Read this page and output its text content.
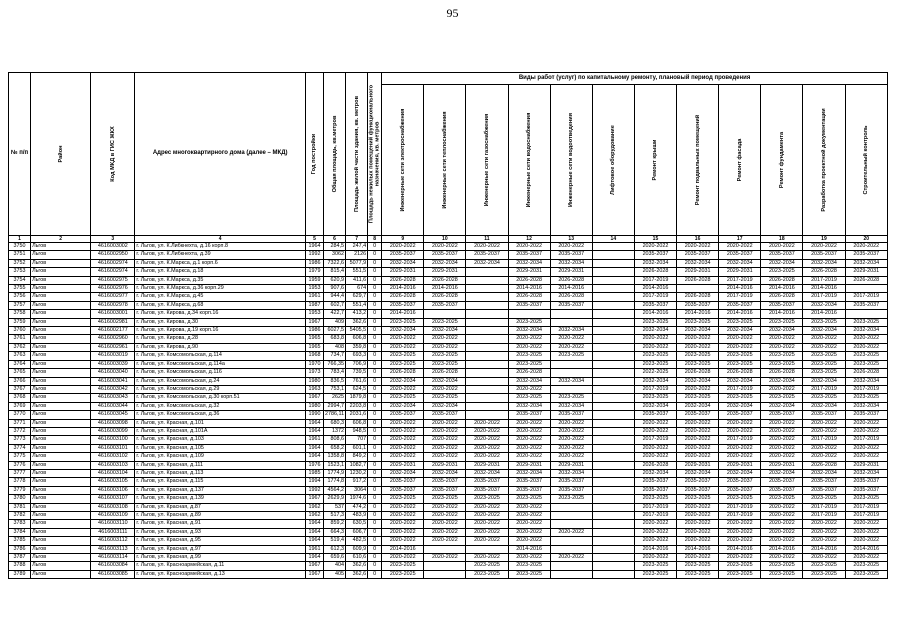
95
№ п/п	Район	Код МКД в ГИС ЖКХ	Адрес многоквартирного дома (далее – МКД)	Год постройки	Общая площадь, кв.метров	Площадь жилой части здания, кв. метров	Площадь нежилых помещений функционального назначения, кв. метров	Виды работ (услуг) по капитальному ремонту, плановый период проведения											

								Инженерные сети электроснабжения	Инженерные сети теплоснабжения	Инженерные сети газоснабжения	Инженерные сети водоснабжения	Инженерные сети водоотведения	Лифтовое оборудование	Ремонт крыши	Ремонт подвальных помещений	Ремонт фасада	Ремонт фундамента	Разработка проектной документации	Строительный контроль

1	2	3	4	5	6	7	8	9	10	11	12	13	14	15	16	17	18	19	20
3750	Льгов	4616003002	г. Льгов, ул. К.Либкнехта, д.16 корп.8	1964	284,5	247,4	0	2020-2022	2020-2022	2020-2022	2020-2022	2020-2022		2020-2022	2020-2022	2020-2022	2020-2022	2020-2022	2020-2022
3751	Льгов	4616002950	г. Льгов, ул. К.Либкнехта, д.39	1992	3062	2126	0	2035-2037	2035-2037	2035-2037	2035-2037	2035-2037		2035-2037	2035-2037	2035-2037	2035-2037	2035-2037	2035-2037
3752	Льгов	4616002974	г. Льгов, ул. К.Маркса, д.1 корп.6	1986	7322,6	5077,9	0	2032-2034	2032-2034	2032-2034	2032-2034	2032-2034		2032-2034	2032-2034	2032-2034	2032-2034	2032-2034	2032-2034
3753	Льгов	4616002974	г. Льгов, ул. К.Маркса, д.18	1979	815,4	551,5	0	2029-2031	2029-2031		2029-2031	2029-2031		2026-2028	2029-2031	2029-2031	2023-2025	2026-2028	2029-2031
3754	Льгов	4616002975	г. Льгов, ул. К.Маркса, д.35	1959	620,9	411,6	0	2026-2028	2026-2028		2026-2028	2026-2028		2017-2019	2026-2028	2017-2019	2026-2028	2017-2019	2026-2028
3755	Льгов	4616002976	г. Льгов, ул. К.Маркса, д.36 корп.29	1953	907,6	674	0	2014-2016	2014-2016		2014-2016	2014-2016		2014-2016		2014-2016	2014-2016	2014-2016	
3756	Льгов	4616002977	г. Льгов, ул. К.Маркса, д.45	1961	944,4	629,7	0	2026-2028	2026-2028		2026-2028	2026-2028		2017-2019	2026-2028	2017-2019	2026-2028	2017-2019	2017-2019
3757	Льгов	4616002978	г. Льгов, ул. К.Маркса, д.68	1987	602,7	551,4	0	2035-2037	2035-2037		2035-2037	2035-2037		2035-2037	2035-2037	2035-2037	2035-2037	2032-2034	2035-2037
3758	Льгов	4616003001	г. Льгов, ул. Кирова, д.34 корп.16	1953	422,7	413,2	0	2014-2016						2014-2016	2014-2016	2014-2016	2014-2016	2014-2016	
3759	Льгов	4616002981	г. Льгов, ул. Кирова, д.30	1967	409	362,6	0	2023-2025	2023-2025		2023-2025			2023-2025	2023-2025	2023-2025	2023-2025	2023-2025	2023-2025
3760	Льгов	4616002177	г. Льгов, ул. Кирова, д.19 корп.16	1986	6027,5	5405,5	0	2032-2034	2032-2034		2032-2034	2032-2034		2032-2034	2032-2034	2032-2034	2032-2034	2032-2034	2032-2034
3761	Льгов	4616002960	г. Льгов, ул. Кирова, д.28	1965	683,8	606,8	0	2020-2022	2020-2022		2020-2022	2020-2022		2020-2022	2020-2022	2020-2022	2020-2022	2020-2022	2020-2022
3762	Льгов	4616002961	г. Льгов, ул. Кирова, д.90	1965	408	359,8	0	2020-2022	2020-2022		2020-2022	2020-2022		2020-2022	2020-2022	2020-2022	2020-2022	2020-2022	2020-2022
3763	Льгов	4616003019	г. Льгов, ул. Комсомольская, д.114	1968	734,7	693,3	0	2023-2025	2023-2025		2023-2025	2023-2025		2023-2025	2023-2025	2023-2025	2023-2025	2023-2025	2023-2025
3764	Льгов	4616003039	г. Льгов, ул. Комсомольская, д.114а	1970	766,35	706,9	0	2023-2025	2023-2025		2023-2025			2023-2025	2023-2025	2023-2025	2023-2025	2023-2025	2023-2025
3765	Льгов	4616003040	г. Льгов, ул. Комсомольская, д.116	1973	783,4	739,5	0	2026-2028	2026-2028		2026-2028			2022-2025	2026-2028	2026-2028	2026-2028	2023-2025	2026-2028
3766	Льгов	4616003041	г. Льгов, ул. Комсомольская, д.24	1980	836,5	761,6	0	2032-2034	2032-2034		2032-2034	2032-2034		2032-2034	2032-2034	2032-2034	2032-2034	2032-2034	2032-2034
3767	Льгов	4616003042	г. Льгов, ул. Комсомольская, д.29	1963	753,1	624,5	0	2020-2022	2020-2022		2020-2022			2017-2019	2020-2022	2017-2019	2020-2022	2017-2019	2017-2019
3768	Льгов	4616003043	г. Льгов, ул. Комсомольская, д.30 корп.51	1967	2625	1879,8	0	2023-2025	2023-2025		2023-2025	2023-2025		2023-2025	2023-2025	2023-2025	2023-2025	2023-2025	2023-2025
3769	Льгов	4616003044	г. Льгов, ул. Комсомольская, д.32	1980	2994,7	2203,8	0	2032-2034	2032-2034		2032-2034	2032-2034		2032-2034	2032-2034	2032-2034	2032-2034	2032-2034	2032-2034
3770	Льгов	4616003045	г. Льгов, ул. Комсомольская, д.36	1990	2786,11	2031,6	0	2035-2037	2035-2037		2035-2037	2035-2037		2035-2037	2035-2037	2035-2037	2035-2037	2035-2037	2035-2037
3771	Льгов	4616003098	г. Льгов, ул. Красная, д.101	1964	680,3	606,8	0	2020-2022	2020-2022	2020-2022	2020-2022	2020-2022		2020-2022	2020-2022	2020-2022	2020-2022	2020-2022	2020-2022
3772	Льгов	4616003099	г. Льгов, ул. Красная, д.101А	1964	1372	948,5	0	2020-2022	2020-2022	2020-2022	2020-2022	2020-2022		2020-2022	2020-2022	2020-2022	2020-2022	2020-2022	2020-2022
3773	Льгов	4616003100	г. Льгов, ул. Красная, д.103	1961	808,6	707	0	2020-2022	2020-2022	2020-2022	2020-2022	2020-2022		2017-2019	2020-2022	2017-2019	2020-2022	2017-2019	2017-2019
3774	Льгов	4616003101	г. Льгов, ул. Красная, д.105	1964	658,2	601,1	0	2020-2022	2020-2022	2020-2022	2020-2022	2020-2022		2020-2022	2020-2022	2020-2022	2020-2022	2020-2022	2020-2022
3775	Льгов	4616003102	г. Льгов, ул. Красная, д.109	1964	1358,8	849,2	0	2020-2022	2020-2022	2020-2022	2020-2022	2020-2022		2020-2022	2020-2022	2020-2022	2020-2022	2020-2022	2020-2022
3776	Льгов	4616003103	г. Льгов, ул. Красная, д.111	1976	1523,1	1082,7	0	2029-2031	2029-2031	2029-2031	2029-2031	2029-2031		2026-2028	2029-2031	2029-2031	2029-2031	2026-2028	2029-2031
3777	Льгов	4616003104	г. Льгов, ул. Красная, д.113	1985	1774,9	1230,2	0	2032-2034	2032-2034	2032-2034	2032-2034	2032-2034		2032-2034	2032-2034	2032-2034	2032-2034	2032-2034	2032-2034
3778	Льгов	4616003105	г. Льгов, ул. Красная, д.115	1994	1774,8	917,2	0	2035-2037	2035-2037	2035-2037	2035-2037	2035-2037		2035-2037	2035-2037	2035-2037	2035-2037	2035-2037	2035-2037
3779	Льгов	4616003106	г. Льгов, ул. Красная, д.137	1992	4564,2	3064	0	2035-2037	2035-2037	2035-2037	2035-2037	2035-2037		2035-2037	2035-2037	2035-2037	2035-2037	2035-2037	2035-2037
3780	Льгов	4616003107	г. Льгов, ул. Красная, д.139	1967	2629,9	1974,6	0	2023-2025	2023-2025	2023-2025	2023-2025	2023-2025		2023-2025	2023-2025	2023-2025	2023-2025	2023-2025	2023-2025
3781	Льгов	4616003108	г. Льгов, ул. Красная, д.87	1962	537	474,2	0	2020-2022	2020-2022	2020-2022	2020-2022			2017-2019	2020-2022	2017-2019	2020-2022	2017-2019	2017-2019
3782	Льгов	4616003109	г. Льгов, ул. Красная, д.89	1962	517,3	483,9	0	2020-2022	2020-2022	2020-2022	2020-2022			2017-2019	2020-2022	2017-2019	2020-2022	2017-2019	2017-2019
3783	Льгов	4616003110	г. Льгов, ул. Красная, д.91	1964	859,2	630,5	0	2020-2022	2020-2022	2020-2022	2020-2022			2020-2022	2020-2022	2020-2022	2020-2022	2020-2022	2020-2022
3784	Льгов	4616003111	г. Льгов, ул. Красная, д.93	1964	664,3	606,7	0	2020-2022	2020-2022	2020-2022	2020-2022	2020-2022		2020-2022	2020-2022	2020-2022	2020-2022	2020-2022	2020-2022
3785	Льгов	4616003112	г. Льгов, ул. Красная, д.95	1964	519,4	482,5	0	2020-2022	2020-2022	2020-2022	2020-2022			2020-2022	2020-2022	2020-2022	2020-2022	2020-2022	2020-2022
3786	Льгов	4616003113	г. Льгов, ул. Красная, д.97	1961	612,3	609,9	0	2014-2016			2014-2016			2014-2016	2014-2016	2014-2016	2014-2016	2014-2016	2014-2016
3787	Льгов	4616003114	г. Льгов, ул. Красная, д.99	1964	659,6	610,6	0	2020-2022	2020-2022	2020-2022	2020-2022	2020-2022		2020-2022	2020-2022	2020-2022	2020-2022	2020-2022	2020-2022
3788	Льгов	4616003084	г. Льгов, ул. Красноармейская, д.11	1967	404	362,6	0	2023-2025		2023-2025	2023-2025			2023-2025	2023-2025	2023-2025	2023-2025	2023-2025	2023-2025
3789	Льгов	4616003085	г. Льгов, ул. Красноармейская, д.13	1967	405	362,6	0	2023-2025		2023-2025	2023-2025			2023-2025	2023-2025	2023-2025	2023-2025	2023-2025	2023-2025
